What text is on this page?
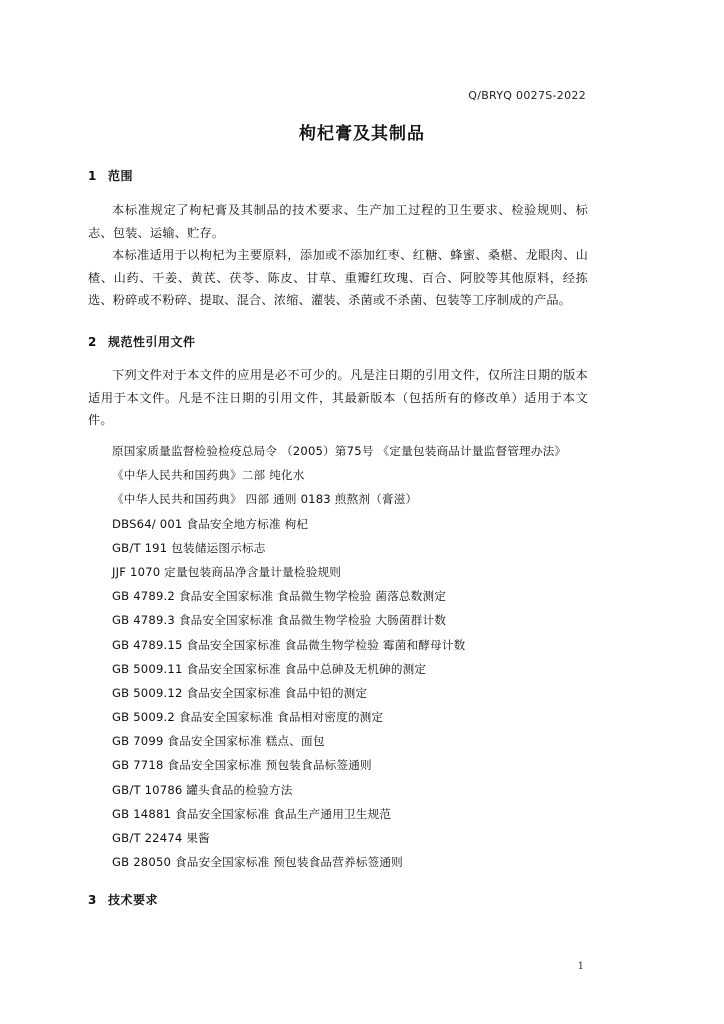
Q/BRYQ 0027S-2022
枸杞膏及其制品
1 范围

本标准规定了枸杞膏及其制品的技术要求、生产加工过程的卫生要求、检验规则、标志、包装、运输、贮存。

本标准适用于以枸杞为主要原料，添加或不添加红枣、红糖、蜂蜜、桑椹、龙眼肉、山楂、山药、干姜、黄芪、茯苓、陈皮、甘草、重瓣红玫瑰、百合、阿胶等其他原料，经拣选、粉碎或不粉碎、提取、混合、浓缩、灌装、杀菌或不杀菌、包装等工序制成的产品。

2 规范性引用文件

下列文件对于本文件的应用是必不可少的。凡是注日期的引用文件，仅所注日期的版本适用于本文件。凡是不注日期的引用文件，其最新版本（包括所有的修改单）适用于本文件。

原国家质量监督检验检疫总局令 （2005）第75号 《定量包装商品计量监督管理办法》
《中华人民共和国药典》二部 纯化水
《中华人民共和国药典》 四部 通则 0183 煎熬剂（膏滋）
DBS64/ 001 食品安全地方标准 枸杞
GB/T 191 包装储运图示标志
JJF 1070 定量包装商品净含量计量检验规则
GB 4789.2 食品安全国家标准 食品微生物学检验 菌落总数测定
GB 4789.3 食品安全国家标准 食品微生物学检验 大肠菌群计数
GB 4789.15 食品安全国家标准 食品微生物学检验 霉菌和酵母计数
GB 5009.11 食品安全国家标准 食品中总砷及无机砷的测定
GB 5009.12 食品安全国家标准 食品中铅的测定
GB 5009.2 食品安全国家标准 食品相对密度的测定
GB 7099 食品安全国家标准 糕点、面包
GB 7718 食品安全国家标准 预包装食品标签通则
GB/T 10786 罐头食品的检验方法
GB 14881 食品安全国家标准 食品生产通用卫生规范
GB/T 22474 果酱
GB 28050 食品安全国家标准 预包装食品营养标签通则
3 技术要求
1
